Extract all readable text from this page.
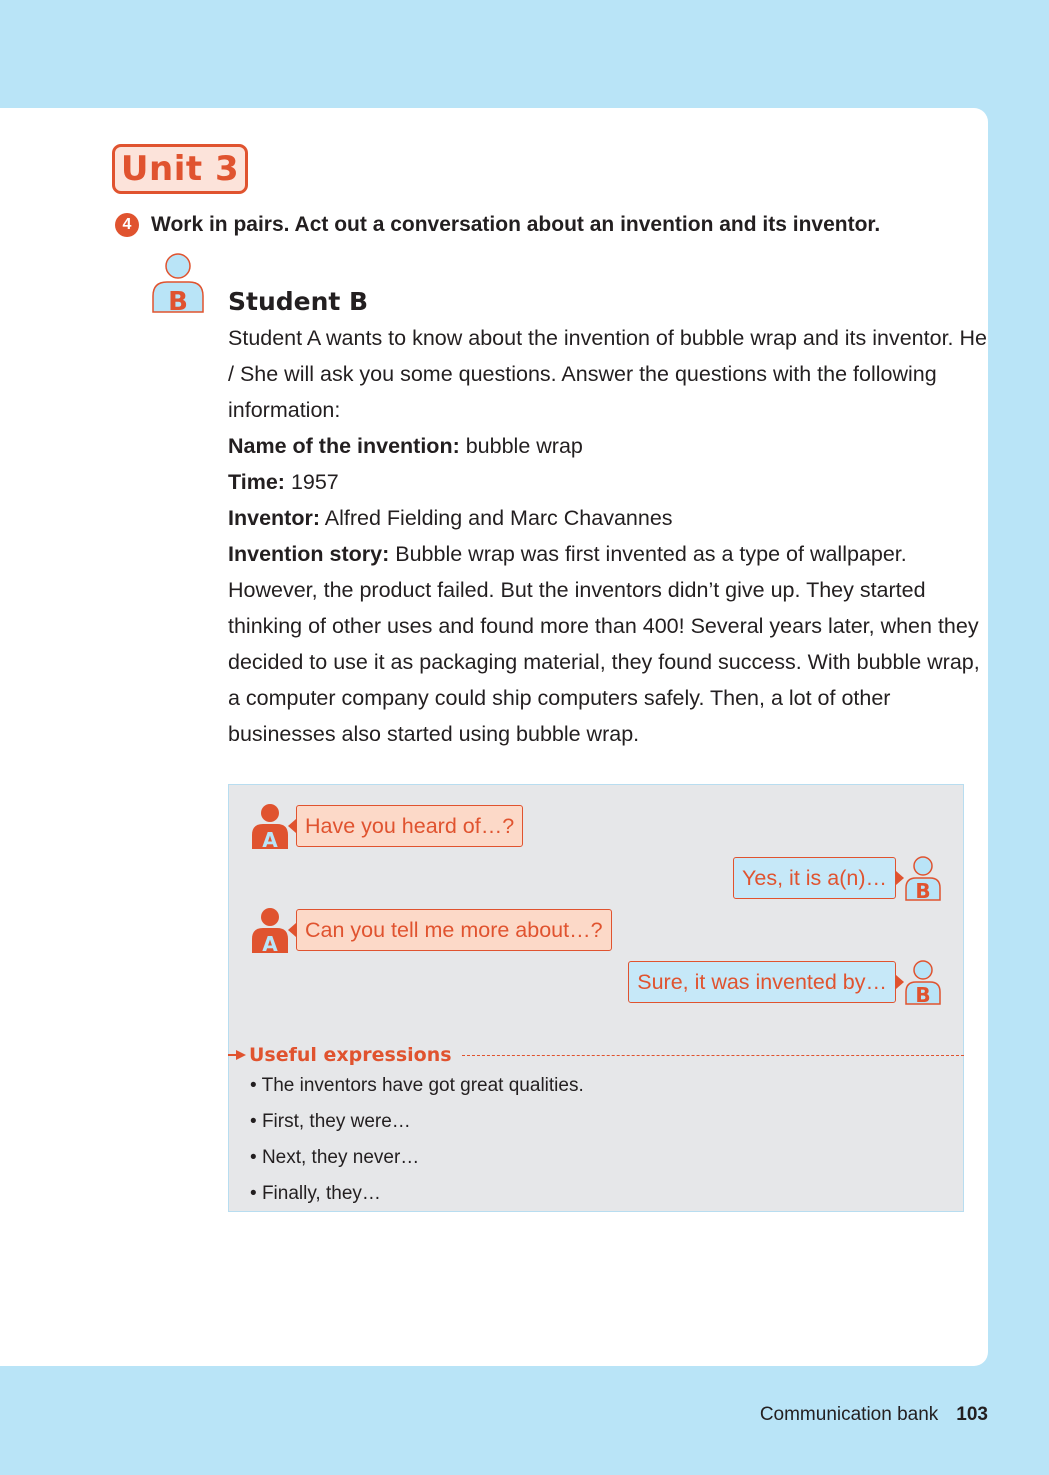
Unit 3
4 Work in pairs. Act out a conversation about an invention and its inventor.
B Student B

Student A wants to know about the invention of bubble wrap and its inventor. He / She will ask you some questions. Answer the questions with the following information:

Name of the invention: bubble wrap

Time: 1957

Inventor: Alfred Fielding and Marc Chavannes

Invention story: Bubble wrap was first invented as a type of wallpaper. However, the product failed. But the inventors didn’t give up. They started thinking of other uses and found more than 400! Several years later, when they decided to use it as packaging material, they found success. With bubble wrap, a computer company could ship computers safely. Then, a lot of other businesses also started using bubble wrap.

A
Have you heard of…?
Yes, it is a(n)…
B
A
Can you tell me more about…?
Sure, it was invented by…
B
Useful expressions
• The inventors have got great qualities.
• First, they were…
• Next, they never…
• Finally, they…
Communication bank 103
